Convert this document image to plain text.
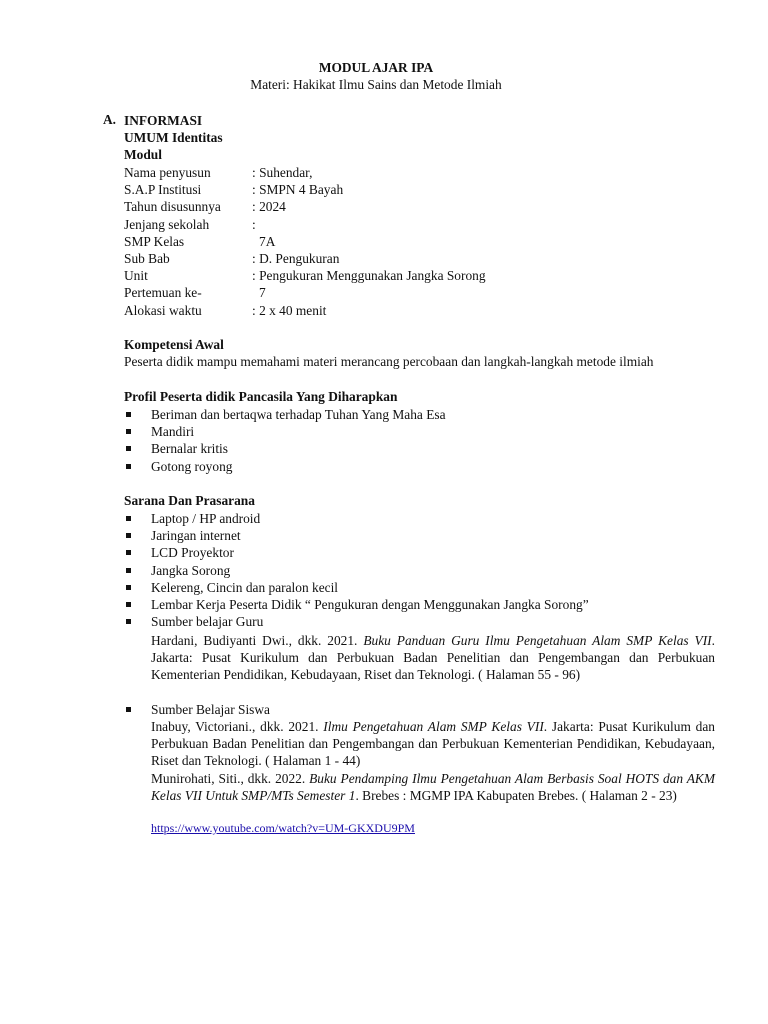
MODUL AJAR IPA
Materi: Hakikat Ilmu Sains dan Metode Ilmiah
A. INFORMASI
UMUM Identitas
Modul
Nama penyusun	: Suhendar,
S.A.P Institusi	: SMPN 4 Bayah
Tahun disusunnya : 2024
Jenjang sekolah	:
SMP Kelas	7A
Sub Bab	: D. Pengukuran
Unit	: Pengukuran Menggunakan Jangka Sorong
Pertemuan ke-	7
Alokasi waktu	: 2 x 40 menit
Kompetensi Awal
Peserta didik mampu memahami materi merancang percobaan dan langkah-langkah metode ilmiah
Profil Peserta didik Pancasila Yang Diharapkan
Beriman dan bertaqwa terhadap Tuhan Yang Maha Esa
Mandiri
Bernalar kritis
Gotong royong
Sarana Dan Prasarana
Laptop / HP android
Jaringan internet
LCD Proyektor
Jangka Sorong
Kelereng, Cincin dan paralon kecil
Lembar Kerja Peserta Didik “ Pengukuran dengan Menggunakan Jangka Sorong”
Sumber belajar Guru
Hardani, Budiyanti Dwi., dkk. 2021. Buku Panduan Guru Ilmu Pengetahuan Alam SMP Kelas VII. Jakarta: Pusat Kurikulum dan Perbukuan Badan Penelitian dan Pengembangan dan Perbukuan Kementerian Pendidikan, Kebudayaan, Riset dan Teknologi. ( Halaman 55 - 96)
Sumber Belajar Siswa
Inabuy, Victoriani., dkk. 2021. Ilmu Pengetahuan Alam SMP Kelas VII. Jakarta: Pusat Kurikulum dan Perbukuan Badan Penelitian dan Pengembangan dan Perbukuan Kementerian Pendidikan, Kebudayaan, Riset dan Teknologi. ( Halaman 1 - 44)
Munirohati, Siti., dkk. 2022. Buku Pendamping Ilmu Pengetahuan Alam Berbasis Soal HOTS dan AKM Kelas VII Untuk SMP/MTs Semester 1. Brebes : MGMP IPA Kabupaten Brebes. ( Halaman 2 - 23)
https://www.youtube.com/watch?v=UM-GKXDU9PM
